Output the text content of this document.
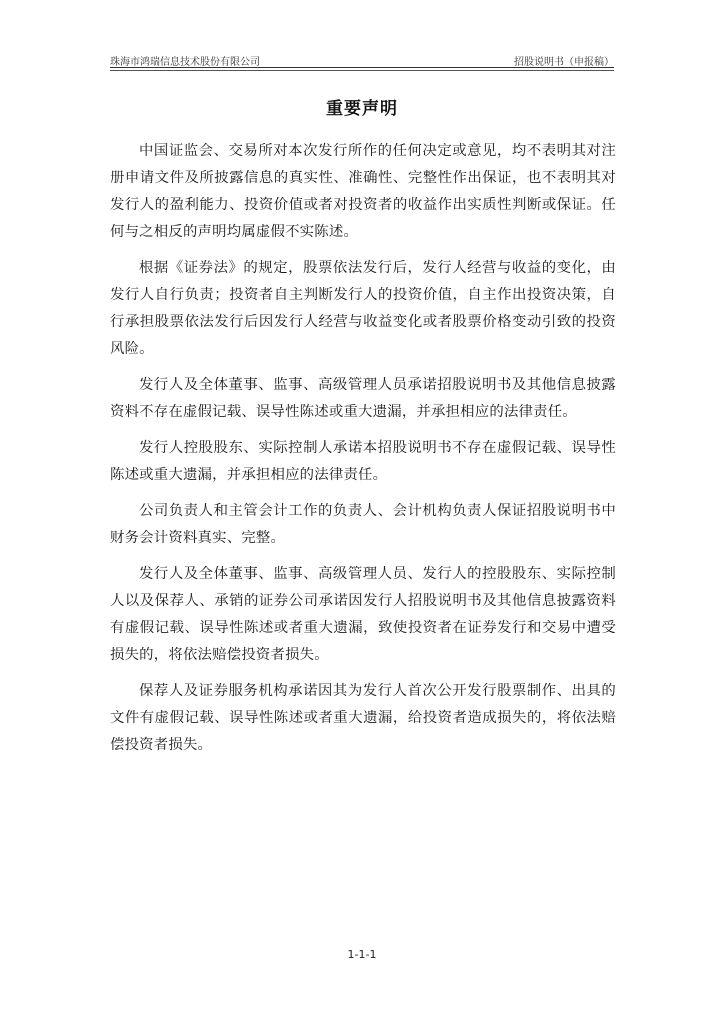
珠海市鸿瑞信息技术股份有限公司	招股说明书（申报稿）
重要声明

中国证监会、交易所对本次发行所作的任何决定或意见，均不表明其对注册申请文件及所披露信息的真实性、准确性、完整性作出保证，也不表明其对发行人的盈利能力、投资价值或者对投资者的收益作出实质性判断或保证。任何与之相反的声明均属虚假不实陈述。

根据《证券法》的规定，股票依法发行后，发行人经营与收益的变化，由发行人自行负责；投资者自主判断发行人的投资价值，自主作出投资决策，自行承担股票依法发行后因发行人经营与收益变化或者股票价格变动引致的投资风险。

发行人及全体董事、监事、高级管理人员承诺招股说明书及其他信息披露资料不存在虚假记载、误导性陈述或重大遗漏，并承担相应的法律责任。

发行人控股股东、实际控制人承诺本招股说明书不存在虚假记载、误导性陈述或重大遗漏，并承担相应的法律责任。

公司负责人和主管会计工作的负责人、会计机构负责人保证招股说明书中财务会计资料真实、完整。

发行人及全体董事、监事、高级管理人员、发行人的控股股东、实际控制人以及保荐人、承销的证券公司承诺因发行人招股说明书及其他信息披露资料有虚假记载、误导性陈述或者重大遗漏，致使投资者在证券发行和交易中遭受损失的，将依法赔偿投资者损失。

保荐人及证券服务机构承诺因其为发行人首次公开发行股票制作、出具的文件有虚假记载、误导性陈述或者重大遗漏，给投资者造成损失的，将依法赔偿投资者损失。

1-1-1
